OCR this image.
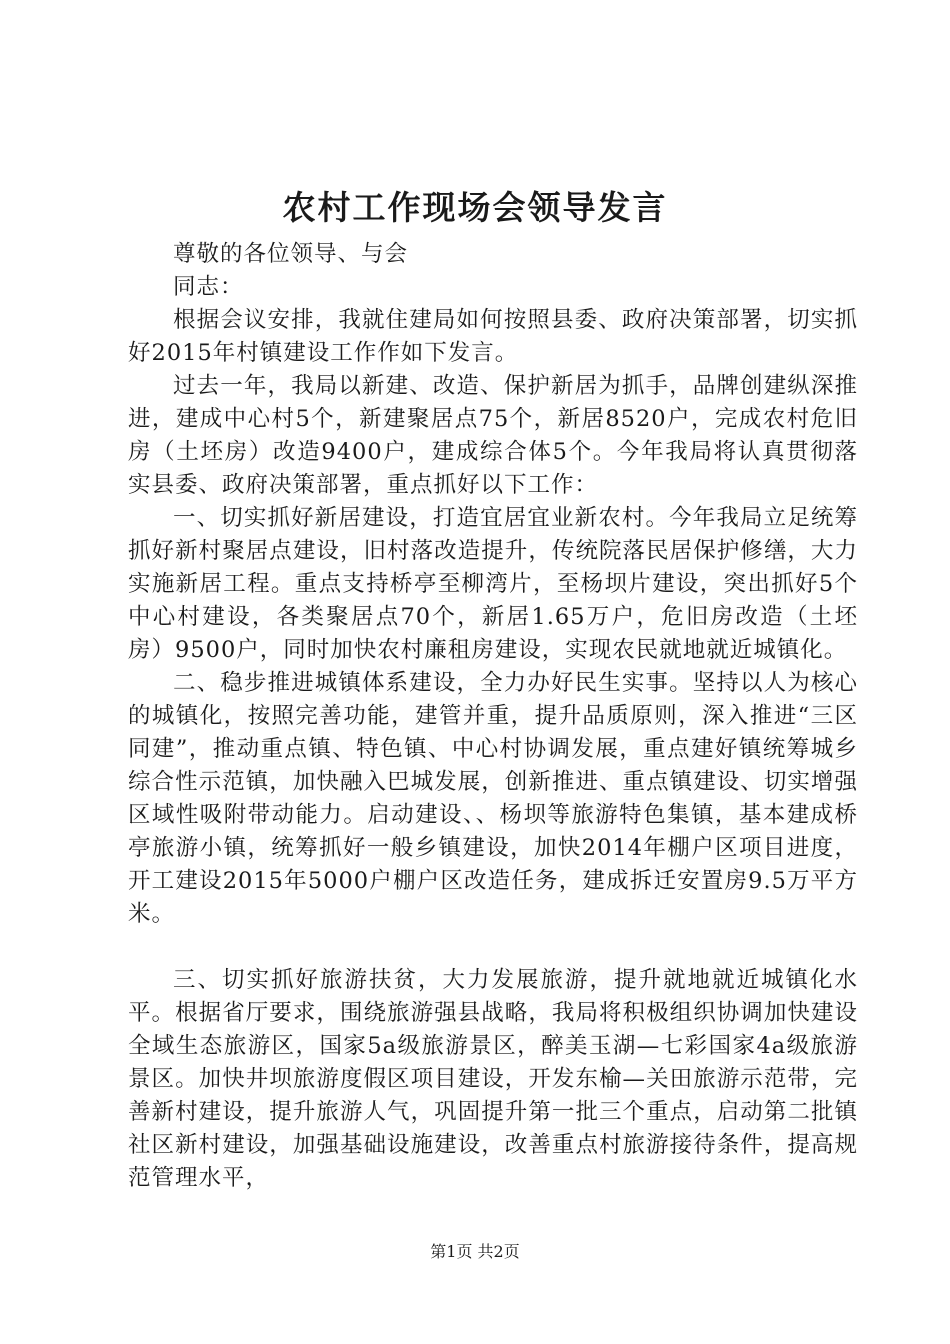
农村工作现场会领导发言

尊敬的各位领导、与会

同志：

根据会议安排，我就住建局如何按照县委、政府决策部署，切实抓好2015年村镇建设工作作如下发言。

过去一年，我局以新建、改造、保护新居为抓手，品牌创建纵深推进，建成中心村5个，新建聚居点75个，新居8520户，完成农村危旧房（土坯房）改造9400户，建成综合体5个。今年我局将认真贯彻落实县委、政府决策部署，重点抓好以下工作：

一、切实抓好新居建设，打造宜居宜业新农村。今年我局立足统筹抓好新村聚居点建设，旧村落改造提升，传统院落民居保护修缮，大力实施新居工程。重点支持桥亭至柳湾片，至杨坝片建设，突出抓好5个中心村建设，各类聚居点70个，新居1.65万户，危旧房改造（土坯房）9500户，同时加快农村廉租房建设，实现农民就地就近城镇化。

二、稳步推进城镇体系建设，全力办好民生实事。坚持以人为核心的城镇化，按照完善功能，建管并重，提升品质原则，深入推进“三区同建”，推动重点镇、特色镇、中心村协调发展，重点建好镇统筹城乡综合性示范镇，加快融入巴城发展，创新推进、重点镇建设、切实增强区域性吸附带动能力。启动建设、、杨坝等旅游特色集镇，基本建成桥亭旅游小镇，统筹抓好一般乡镇建设，加快2014年棚户区项目进度，开工建设2015年5000户棚户区改造任务，建成拆迁安置房9.5万平方米。

三、切实抓好旅游扶贫，大力发展旅游，提升就地就近城镇化水平。根据省厅要求，围绕旅游强县战略，我局将积极组织协调加快建设全域生态旅游区，国家5a级旅游景区，醉美玉湖—七彩国家4a级旅游景区。加快井坝旅游度假区项目建设，开发东榆—关田旅游示范带，完善新村建设，提升旅游人气，巩固提升第一批三个重点，启动第二批镇社区新村建设，加强基础设施建设，改善重点村旅游接待条件，提高规范管理水平，

第1页 共2页
